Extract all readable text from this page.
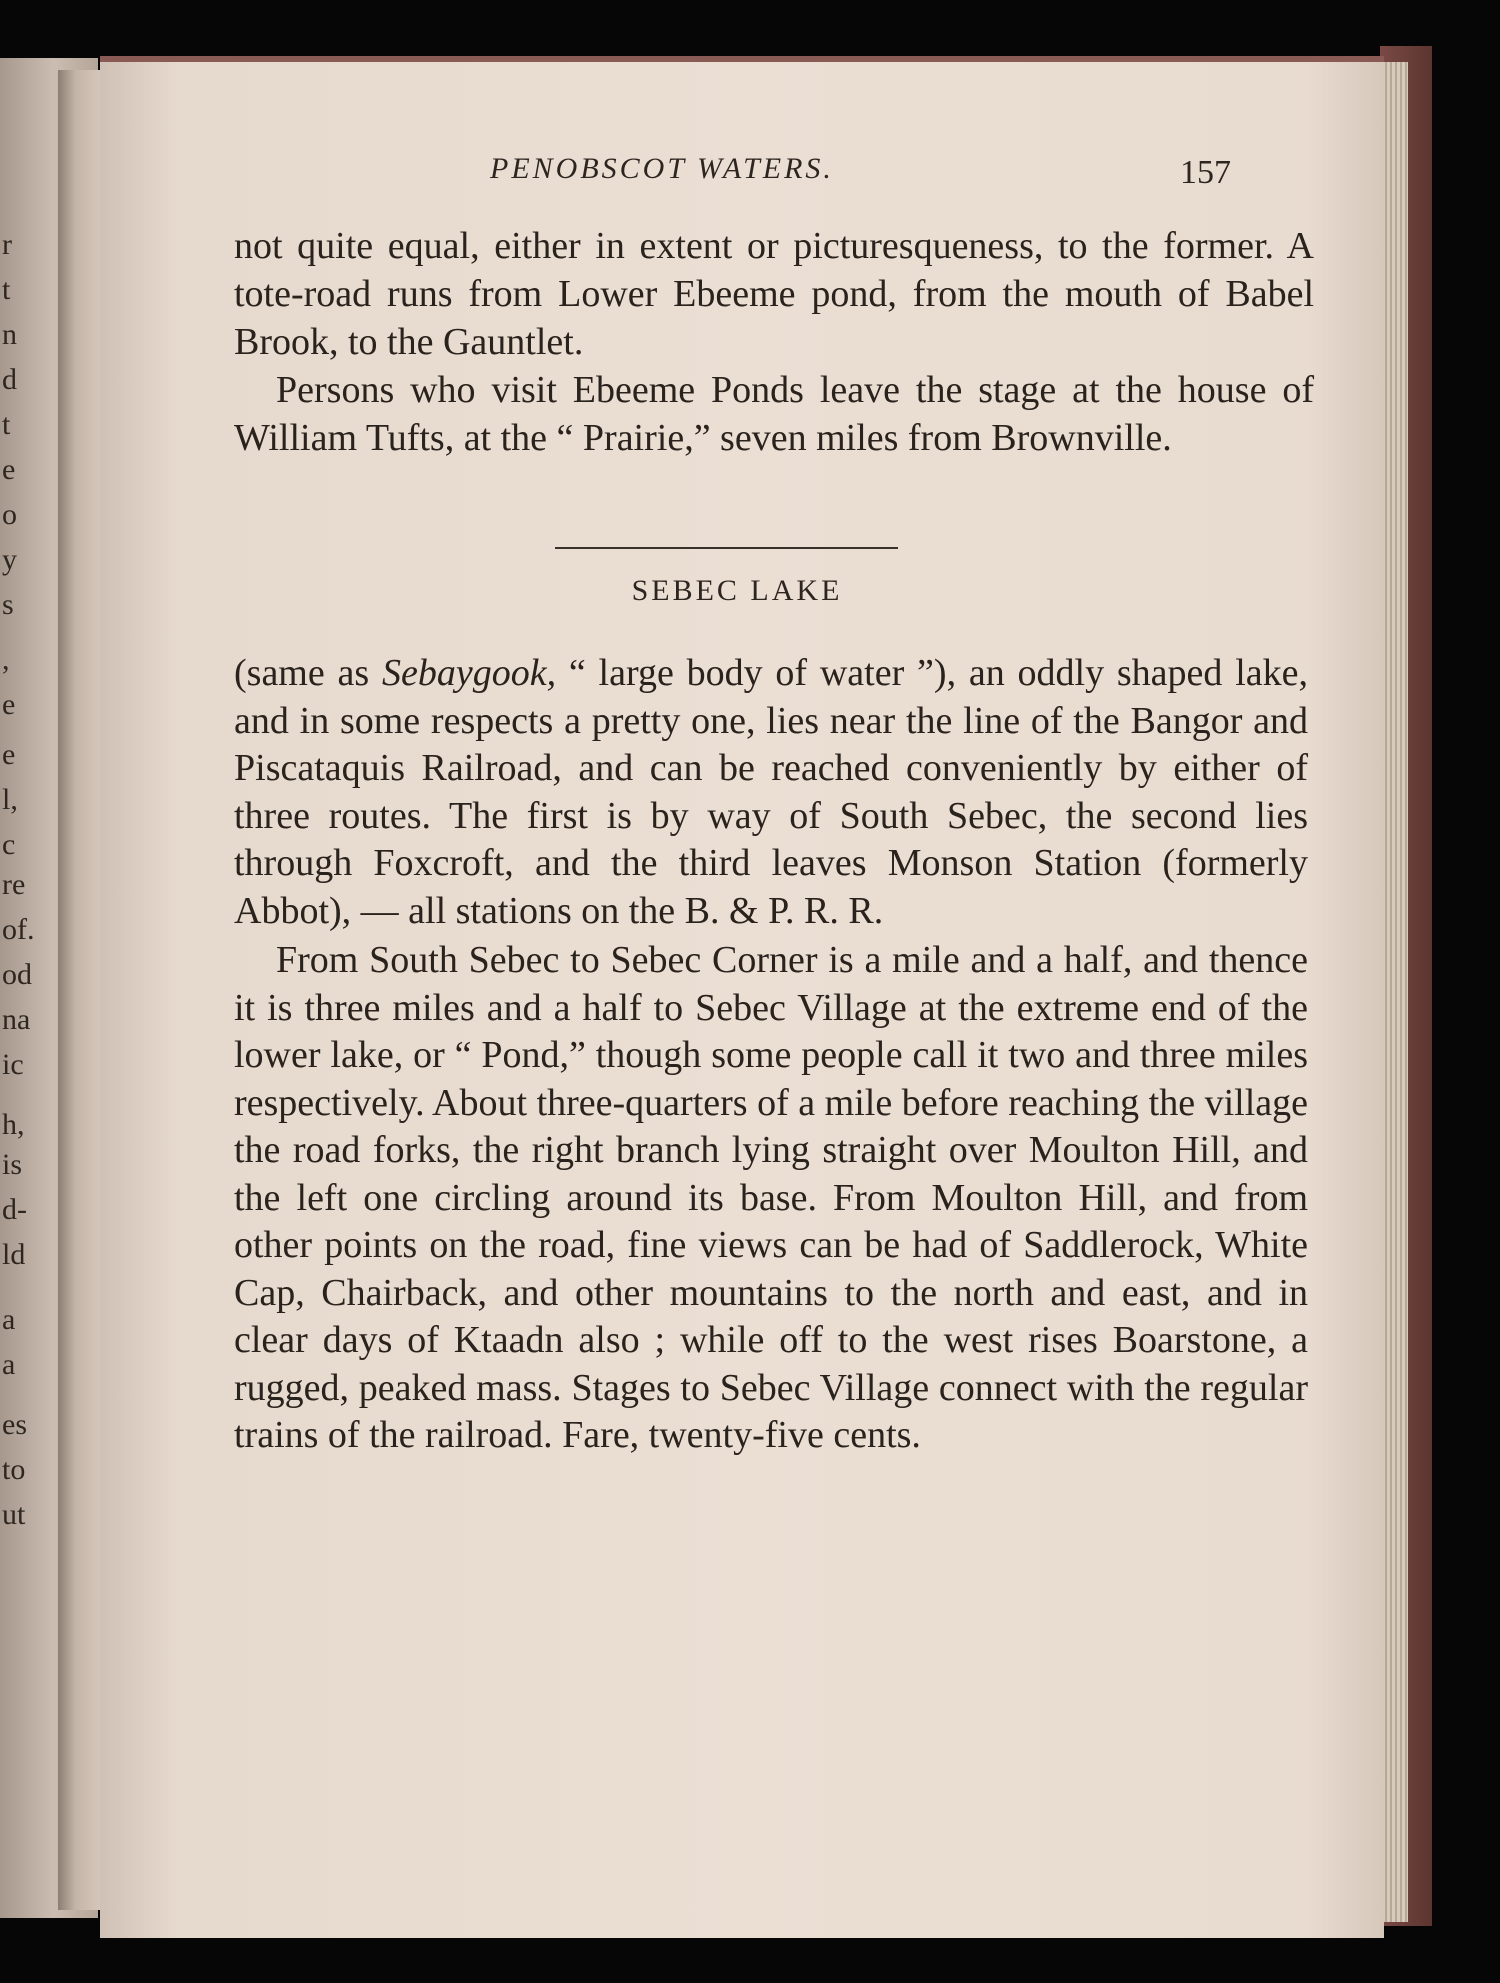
r
t
n
d
t
e
o
y
s
,
e
e
l,
c
re
of.
od
na
ic
h,
is
d-
ld
a
a
es
to
ut
PENOBSCOT WATERS.	157

not quite equal, either in extent or picturesqueness, to the former. A tote-road runs from Lower Ebeeme pond, from the mouth of Babel Brook, to the Gauntlet.

Persons who visit Ebeeme Ponds leave the stage at the house of William Tufts, at the “ Prairie,” seven miles from Brownville.

SEBEC LAKE

(same as Sebaygook, “ large body of water ”), an oddly shaped lake, and in some respects a pretty one, lies near the line of the Bangor and Piscataquis Railroad, and can be reached conveniently by either of three routes. The first is by way of South Sebec, the second lies through Foxcroft, and the third leaves Monson Station (formerly Abbot), — all stations on the B. & P. R. R.

From South Sebec to Sebec Corner is a mile and a half, and thence it is three miles and a half to Sebec Village at the extreme end of the lower lake, or “ Pond,” though some people call it two and three miles respectively. About three-quarters of a mile before reaching the village the road forks, the right branch lying straight over Moulton Hill, and the left one circling around its base. From Moulton Hill, and from other points on the road, fine views can be had of Saddlerock, White Cap, Chairback, and other mountains to the north and east, and in clear days of Ktaadn also ; while off to the west rises Boarstone, a rugged, peaked mass. Stages to Sebec Village connect with the regular trains of the railroad. Fare, twenty-five cents.
